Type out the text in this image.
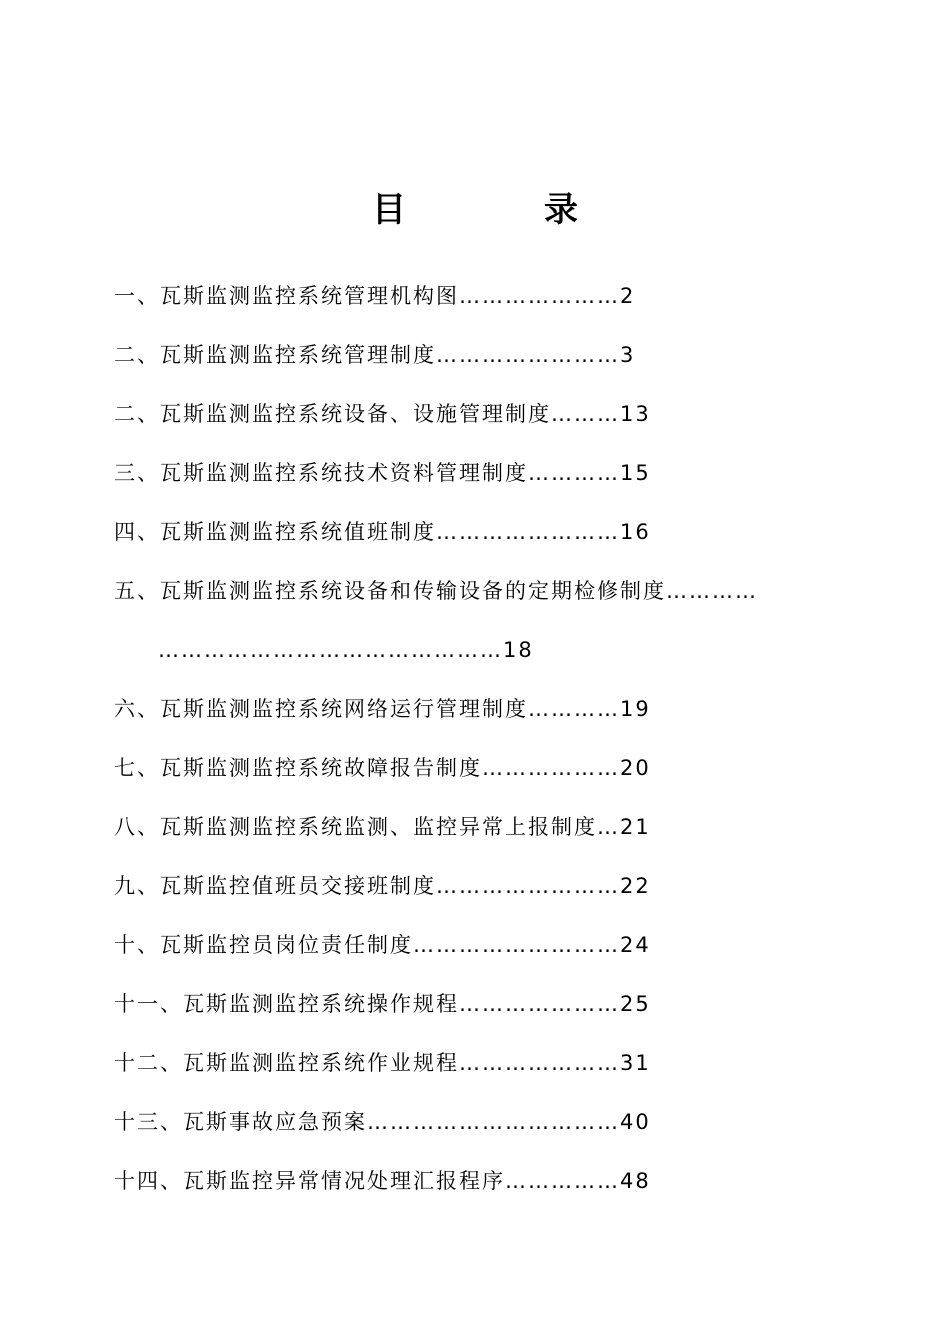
目　录
一、瓦斯监测监控系统管理机构图…………………2
二、瓦斯监测监控系统管理制度……………………3
二、瓦斯监测监控系统设备、设施管理制度………13
三、瓦斯监测监控系统技术资料管理制度…………15
四、瓦斯监测监控系统值班制度……………………16
五、瓦斯监测监控系统设备和传输设备的定期检修制度…………
………………………………………18
六、瓦斯监测监控系统网络运行管理制度…………19
七、瓦斯监测监控系统故障报告制度………………20
八、瓦斯监测监控系统监测、监控异常上报制度…21
九、瓦斯监控值班员交接班制度……………………22
十、瓦斯监控员岗位责任制度………………………24
十一、瓦斯监测监控系统操作规程…………………25
十二、瓦斯监测监控系统作业规程…………………31
十三、瓦斯事故应急预案……………………………40
十四、瓦斯监控异常情况处理汇报程序……………48
